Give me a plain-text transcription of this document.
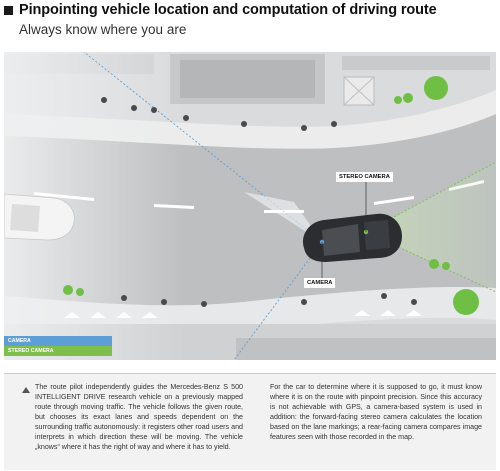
Pinpointing vehicle location and computation of driving route
Always know where you are
STEREO CAMERA
CAMERA
CAMERA
STEREO CAMERA
The route pilot independently guides the Mercedes-Benz S 500 INTELLIGENT DRIVE research vehicle on a previously mapped route through moving traffic. The vehicle follows the given route, but chooses its exact lanes and speeds dependent on the surrounding traffic autonomously: it registers other road users and interprets in which direction these will be moving. The vehicle „knows“ where it has the right of way and where it has to yield.
For the car to determine where it is supposed to go, it must know where it is on the route with pinpoint precision. Since this accuracy is not achievable with GPS, a camera-based system is used in addition: the forward-facing stereo camera calculates the location based on the lane markings; a rear-facing camera compares image features seen with those recorded in the map.
